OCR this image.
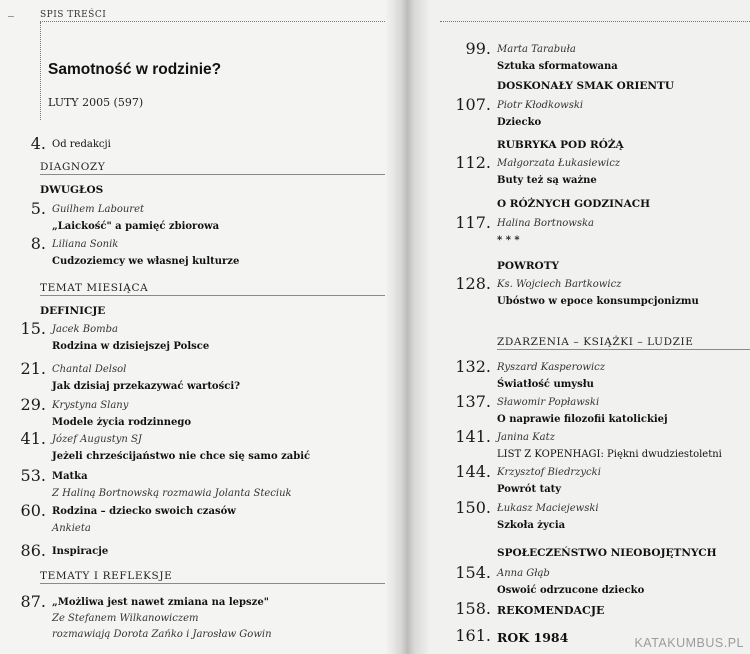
SPIS TREŚCI
Samotność w rodzinie?
LUTY 2005 (597)
4. Od redakcji
DIAGNOZY
DWUGŁOS
5. Guilhem Labouret
„Laickość" a pamięć zbiorowa
8. Liliana Sonik
Cudzoziemcy we własnej kulturze
TEMAT MIESIĄCA
DEFINICJE
15. Jacek Bomba
Rodzina w dzisiejszej Polsce
21. Chantal Delsol
Jak dzisiaj przekazywać wartości?
29. Krystyna Slany
Modele życia rodzinnego
41. Józef Augustyn SJ
Jeżeli chrześcijaństwo nie chce się samo zabić
53. Matka
Z Haliną Bortnowską rozmawia Jolanta Steciuk
60. Rodzina – dziecko swoich czasów
Ankieta
86. Inspiracje
TEMATY I REFLEKSJE
87. „Możliwa jest nawet zmiana na lepsze"
Ze Stefanem Wilkanowiczem
rozmawiają Dorota Zańko i Jarosław Gowin
99. Marta Tarabuła
Sztuka sformatowana
DOSKONAŁY SMAK ORIENTU
107. Piotr Kłodkowski
Dziecko
RUBRYKA POD RÓŻĄ
112. Małgorzata Łukasiewicz
Buty też są ważne
O RÓŻNYCH GODZINACH
117. Halina Bortnowska
* * *
POWROTY
128. Ks. Wojciech Bartkowicz
Ubóstwo w epoce konsumpcjonizmu
ZDARZENIA – KSIĄŻKI – LUDZIE
132. Ryszard Kasperowicz
Światłość umysłu
137. Sławomir Popławski
O naprawie filozofii katolickiej
141. Janina Katz
LIST Z KOPENHAGI: Piękni dwudziestoletni
144. Krzysztof Biedrzycki
Powrót taty
150. Łukasz Maciejewski
Szkoła życia
SPOŁECZEŃSTWO NIEOBOJĘTNYCH
154. Anna Głąb
Oswoić odrzucone dziecko
158. REKOMENDACJE
161. ROK 1984	KATAKUMBUS.PL
